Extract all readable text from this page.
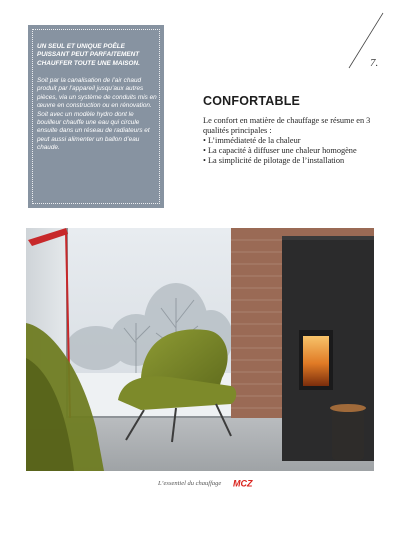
7.

UN SEUL ET UNIQUE POÊLE PUISSANT PEUT PARFAITEMENT CHAUFFER TOUTE UNE MAISON.

Soit par la canalisation de l’air chaud produit par l’appareil jusqu’aux autres pièces, via un système de conduits mis en œuvre en construction ou en rénovation.

Soit avec un modèle hydro dont le bouilleur chauffe une eau qui circule ensuite dans un réseau de radiateurs et peut aussi alimenter un ballon d’eau chaude.

CONFORTABLE

Le confort en matière de chauffage se résume en 3 qualités principales :

• L’immédiateté de la chaleur
• La capacité à diffuser une chaleur homogène
• La simplicité de pilotage de l’installation
L’essentiel du chauffage MCZ
